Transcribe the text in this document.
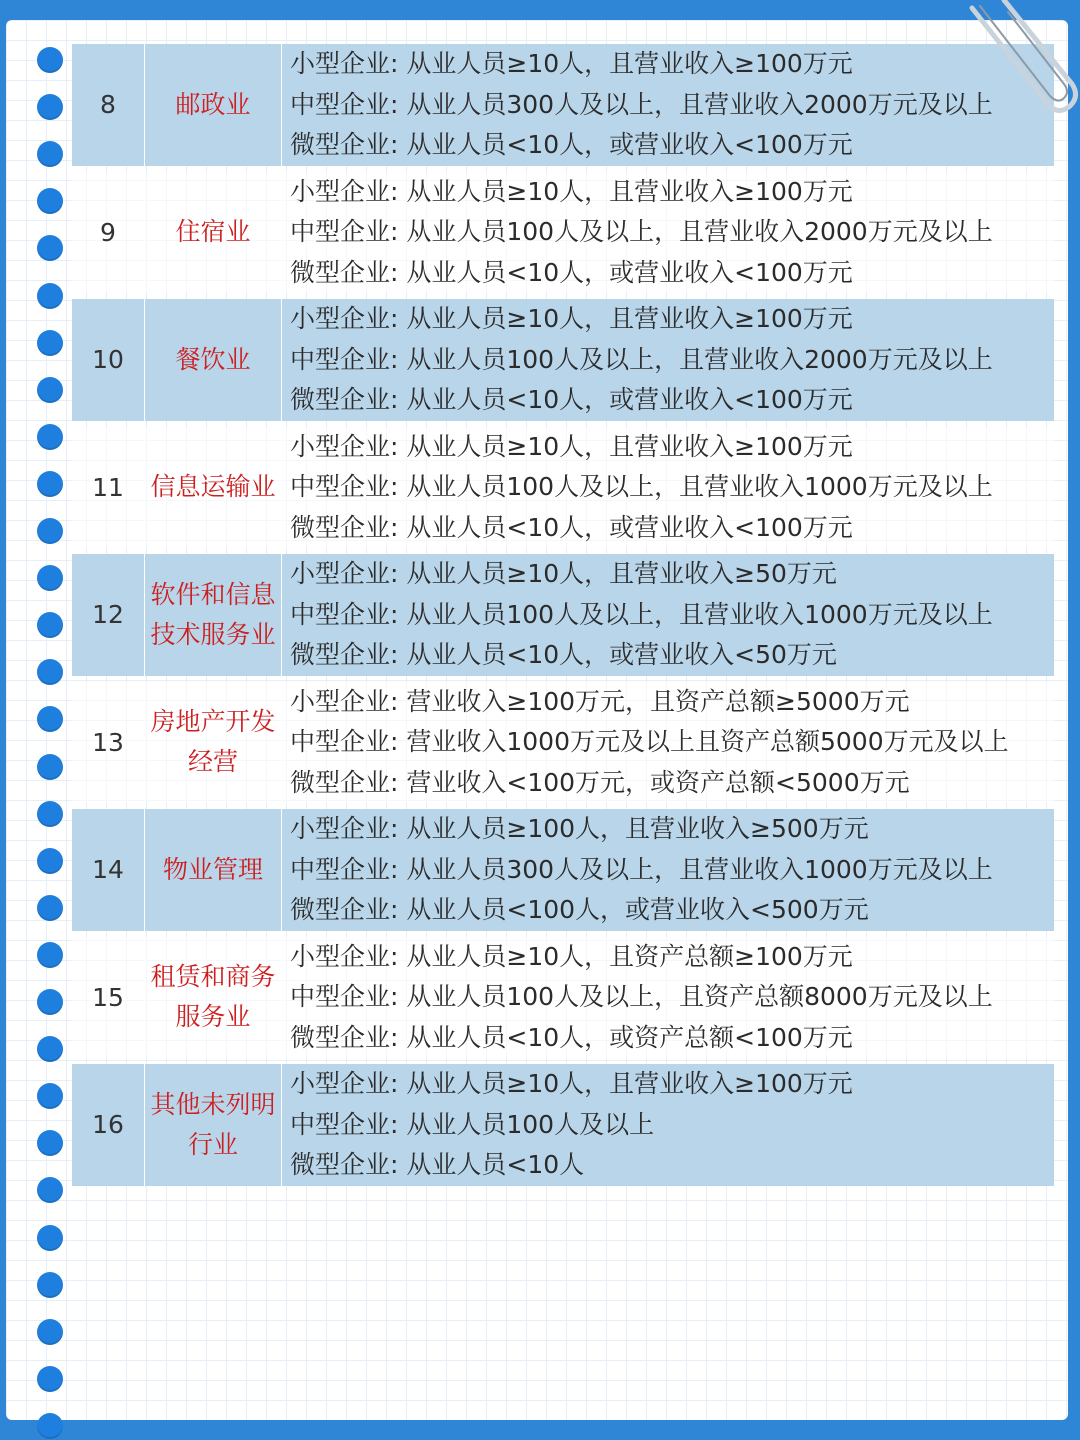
8	邮政业	小型企业: 从业人员≥10人，且营业收入≥100万元
中型企业: 从业人员300人及以上，且营业收入2000万元及以上
微型企业: 从业人员<10人，或营业收入<100万元

9	住宿业	小型企业: 从业人员≥10人，且营业收入≥100万元
中型企业: 从业人员100人及以上，且营业收入2000万元及以上
微型企业: 从业人员<10人，或营业收入<100万元

10	餐饮业	小型企业: 从业人员≥10人，且营业收入≥100万元
中型企业: 从业人员100人及以上，且营业收入2000万元及以上
微型企业: 从业人员<10人，或营业收入<100万元

11	信息运输业	小型企业: 从业人员≥10人，且营业收入≥100万元
中型企业: 从业人员100人及以上，且营业收入1000万元及以上
微型企业: 从业人员<10人，或营业收入<100万元

12	软件和信息技术服务业	小型企业: 从业人员≥10人，且营业收入≥50万元
中型企业: 从业人员100人及以上，且营业收入1000万元及以上
微型企业: 从业人员<10人，或营业收入<50万元

13	房地产开发经营	小型企业: 营业收入≥100万元，且资产总额≥5000万元
中型企业: 营业收入1000万元及以上且资产总额5000万元及以上
微型企业: 营业收入<100万元，或资产总额<5000万元

14	物业管理	小型企业: 从业人员≥100人，且营业收入≥500万元
中型企业: 从业人员300人及以上，且营业收入1000万元及以上
微型企业: 从业人员<100人，或营业收入<500万元

15	租赁和商务服务业	小型企业: 从业人员≥10人，且资产总额≥100万元
中型企业: 从业人员100人及以上，且资产总额8000万元及以上
微型企业: 从业人员<10人，或资产总额<100万元

16	其他未列明行业	小型企业: 从业人员≥10人，且营业收入≥100万元
中型企业: 从业人员100人及以上
微型企业: 从业人员<10人
